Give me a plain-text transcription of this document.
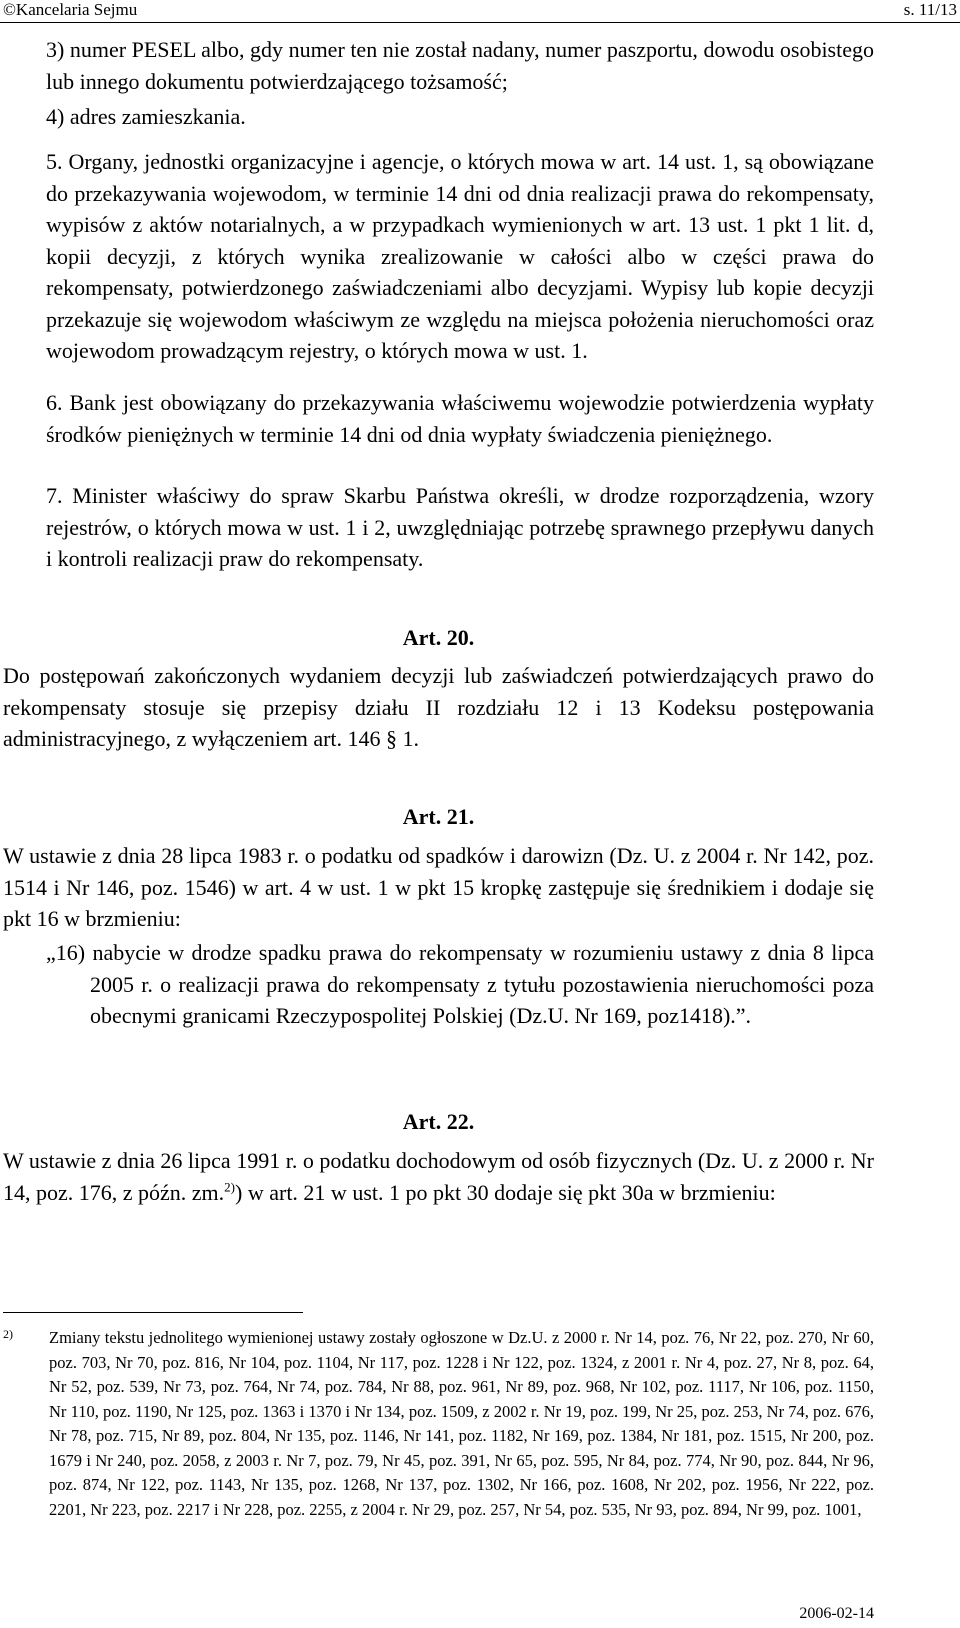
©Kancelaria Sejmu	s. 11/13

3) numer PESEL albo, gdy numer ten nie został nadany, numer paszportu, dowodu osobistego lub innego dokumentu potwierdzającego tożsamość;

4) adres zamieszkania.

5. Organy, jednostki organizacyjne i agencje, o których mowa w art. 14 ust. 1, są obowiązane do przekazywania wojewodom, w terminie 14 dni od dnia realizacji prawa do rekompensaty, wypisów z aktów notarialnych, a w przypadkach wymienionych w art. 13 ust. 1 pkt 1 lit. d, kopii decyzji, z których wynika zrealizowanie w całości albo w części prawa do rekompensaty, potwierdzonego zaświadczeniami albo decyzjami. Wypisy lub kopie decyzji przekazuje się wojewodom właściwym ze względu na miejsca położenia nieruchomości oraz wojewodom prowadzącym rejestry, o których mowa w ust. 1.

6. Bank jest obowiązany do przekazywania właściwemu wojewodzie potwierdzenia wypłaty środków pieniężnych w terminie 14 dni od dnia wypłaty świadczenia pieniężnego.

7. Minister właściwy do spraw Skarbu Państwa określi, w drodze rozporządzenia, wzory rejestrów, o których mowa w ust. 1 i 2, uwzględniając potrzebę sprawnego przepływu danych i kontroli realizacji praw do rekompensaty.

Art. 20.

Do postępowań zakończonych wydaniem decyzji lub zaświadczeń potwierdzających prawo do rekompensaty stosuje się przepisy działu II rozdziału 12 i 13 Kodeksu postępowania administracyjnego, z wyłączeniem art. 146 § 1.

Art. 21.

W ustawie z dnia 28 lipca 1983 r. o podatku od spadków i darowizn (Dz. U. z 2004 r. Nr 142, poz. 1514 i Nr 146, poz. 1546) w art. 4 w ust. 1 w pkt 15 kropkę zastępuje się średnikiem i dodaje się pkt 16 w brzmieniu:

„16) nabycie w drodze spadku prawa do rekompensaty w rozumieniu ustawy z dnia 8 lipca 2005 r. o realizacji prawa do rekompensaty z tytułu pozostawienia nieruchomości poza obecnymi granicami Rzeczypospolitej Polskiej (Dz.U. Nr 169, poz1418).”.

Art. 22.

W ustawie z dnia 26 lipca 1991 r. o podatku dochodowym od osób fizycznych (Dz. U. z 2000 r. Nr 14, poz. 176, z późn. zm.$^{2)}$) w art. 21 w ust. 1 po pkt 30 dodaje się pkt 30a w brzmieniu:

2) Zmiany tekstu jednolitego wymienionej ustawy zostały ogłoszone w Dz.U. z 2000 r. Nr 14, poz. 76, Nr 22, poz. 270, Nr 60, poz. 703, Nr 70, poz. 816, Nr 104, poz. 1104, Nr 117, poz. 1228 i Nr 122, poz. 1324, z 2001 r. Nr 4, poz. 27, Nr 8, poz. 64, Nr 52, poz. 539, Nr 73, poz. 764, Nr 74, poz. 784, Nr 88, poz. 961, Nr 89, poz. 968, Nr 102, poz. 1117, Nr 106, poz. 1150, Nr 110, poz. 1190, Nr 125, poz. 1363 i 1370 i Nr 134, poz. 1509, z 2002 r. Nr 19, poz. 199, Nr 25, poz. 253, Nr 74, poz. 676, Nr 78, poz. 715, Nr 89, poz. 804, Nr 135, poz. 1146, Nr 141, poz. 1182, Nr 169, poz. 1384, Nr 181, poz. 1515, Nr 200, poz. 1679 i Nr 240, poz. 2058, z 2003 r. Nr 7, poz. 79, Nr 45, poz. 391, Nr 65, poz. 595, Nr 84, poz. 774, Nr 90, poz. 844, Nr 96, poz. 874, Nr 122, poz. 1143, Nr 135, poz. 1268, Nr 137, poz. 1302, Nr 166, poz. 1608, Nr 202, poz. 1956, Nr 222, poz. 2201, Nr 223, poz. 2217 i Nr 228, poz. 2255, z 2004 r. Nr 29, poz. 257, Nr 54, poz. 535, Nr 93, poz. 894, Nr 99, poz. 1001,
2006-02-14
